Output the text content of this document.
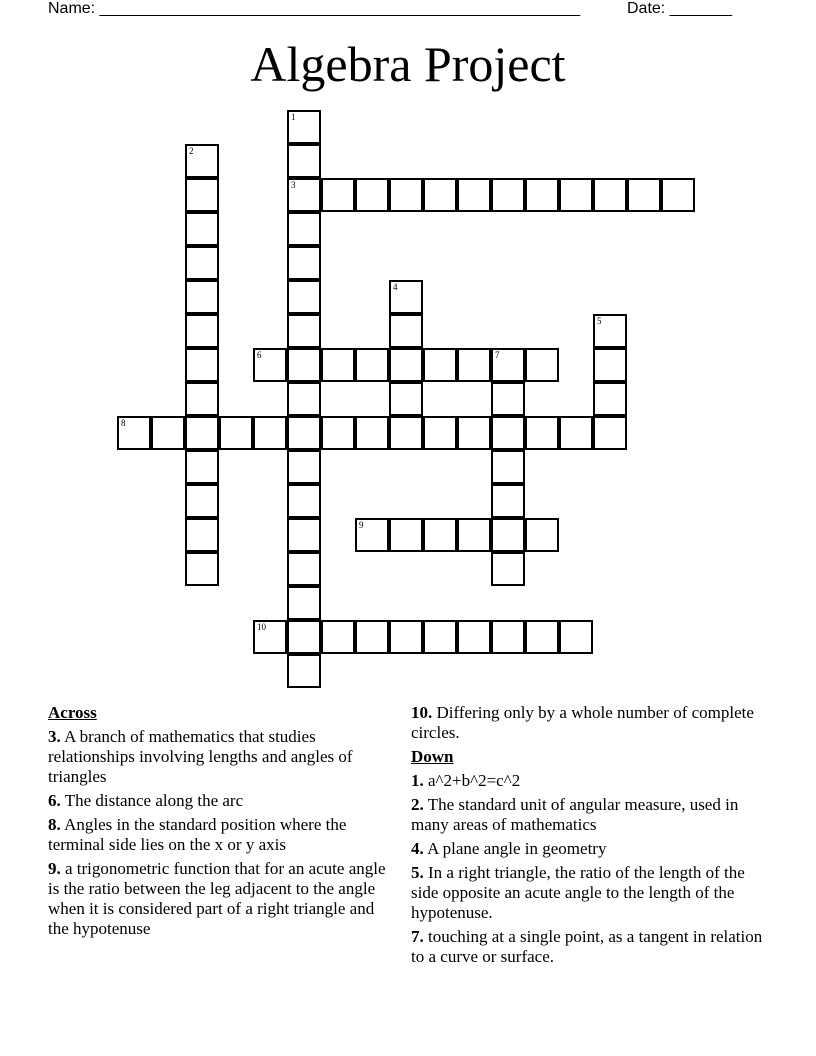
Name: ______________________________________________________	Date: _______
Algebra Project
1
3
2
4
5
6	7
8
9
10
Across
3. A branch of mathematics that studies relationships involving lengths and angles of triangles
6. The distance along the arc
8. Angles in the standard position where the terminal side lies on the x or y axis
9. a trigonometric function that for an acute angle is the ratio between the leg adjacent to the angle when it is considered part of a right triangle and the hypotenuse
10. Differing only by a whole number of complete circles.
Down
1. a^2+b^2=c^2
2. The standard unit of angular measure, used in many areas of mathematics
4. A plane angle in geometry
5. In a right triangle, the ratio of the length of the side opposite an acute angle to the length of the hypotenuse.
7. touching at a single point, as a tangent in relation to a curve or surface.
